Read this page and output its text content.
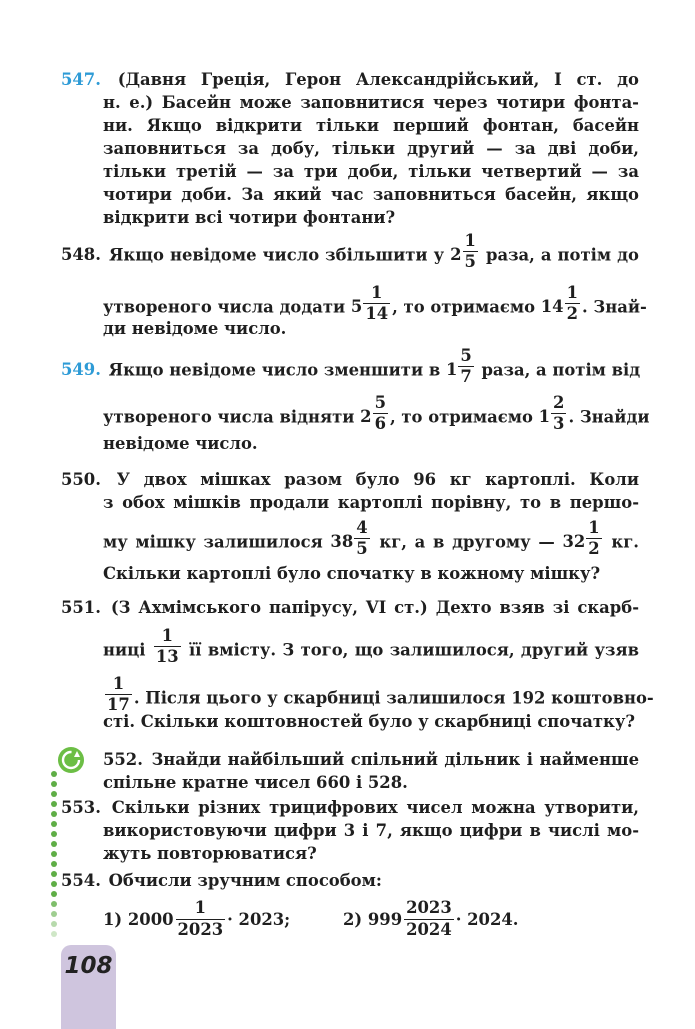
547. (Давня Греція, Герон Александрійський, І ст. до
н. е.) Басейн може заповнитися через чотири фонта-
ни. Якщо відкрити тільки перший фонтан, басейн
заповниться за добу, тільки другий — за дві доби,
тільки третій — за три доби, тільки четвертий — за
чотири доби. За який час заповниться басейн, якщо
відкрити всі чотири фонтани?
548. Якщо невідоме число збільшити у $2 \frac{1}{5}$ раза, а потім до
утвореного числа додати $5 \frac{1}{14}$ , то отримаємо $14 \frac{1}{2}$ . Знай-
ди невідоме число.
549. Якщо невідоме число зменшити в $1 \frac{5}{7}$ раза, а потім від
утвореного числа відняти $2 \frac{5}{6}$ , то отримаємо $1 \frac{2}{3}$ . Знайди
невідоме число.
550. У двох мішках разом було 96 кг картоплі. Коли
з обох мішків продали картоплі порівну, то в першо-
му мішку залишилося $38 \frac{4}{5}$ кг, а в другому — $32 \frac{1}{2}$ кг.
Скільки картоплі було спочатку в кожному мішку?
551. (З Ахмімського папірусу, VI ст.) Дехто взяв зі скарб-
ниці $\frac{1}{13}$ її вмісту. З того, що залишилося, другий узяв
$\frac{1}{17}$ . Після цього у скарбниці залишилося 192 коштовно-
сті. Скільки коштовностей було у скарбниці спочатку?
552. Знайди найбільший спільний дільник і найменше
спільне кратне чисел 660 і 528.
553. Скільки різних трицифрових чисел можна утворити,
використовуючи цифри 3 і 7, якщо цифри в числі мо-
жуть повторюватися?
554. Обчисли зручним способом:
1)
$2000 \frac{1}{2023} \cdot 2023$;	2)
$999 \frac{2023}{2024} \cdot 2024$.
108
